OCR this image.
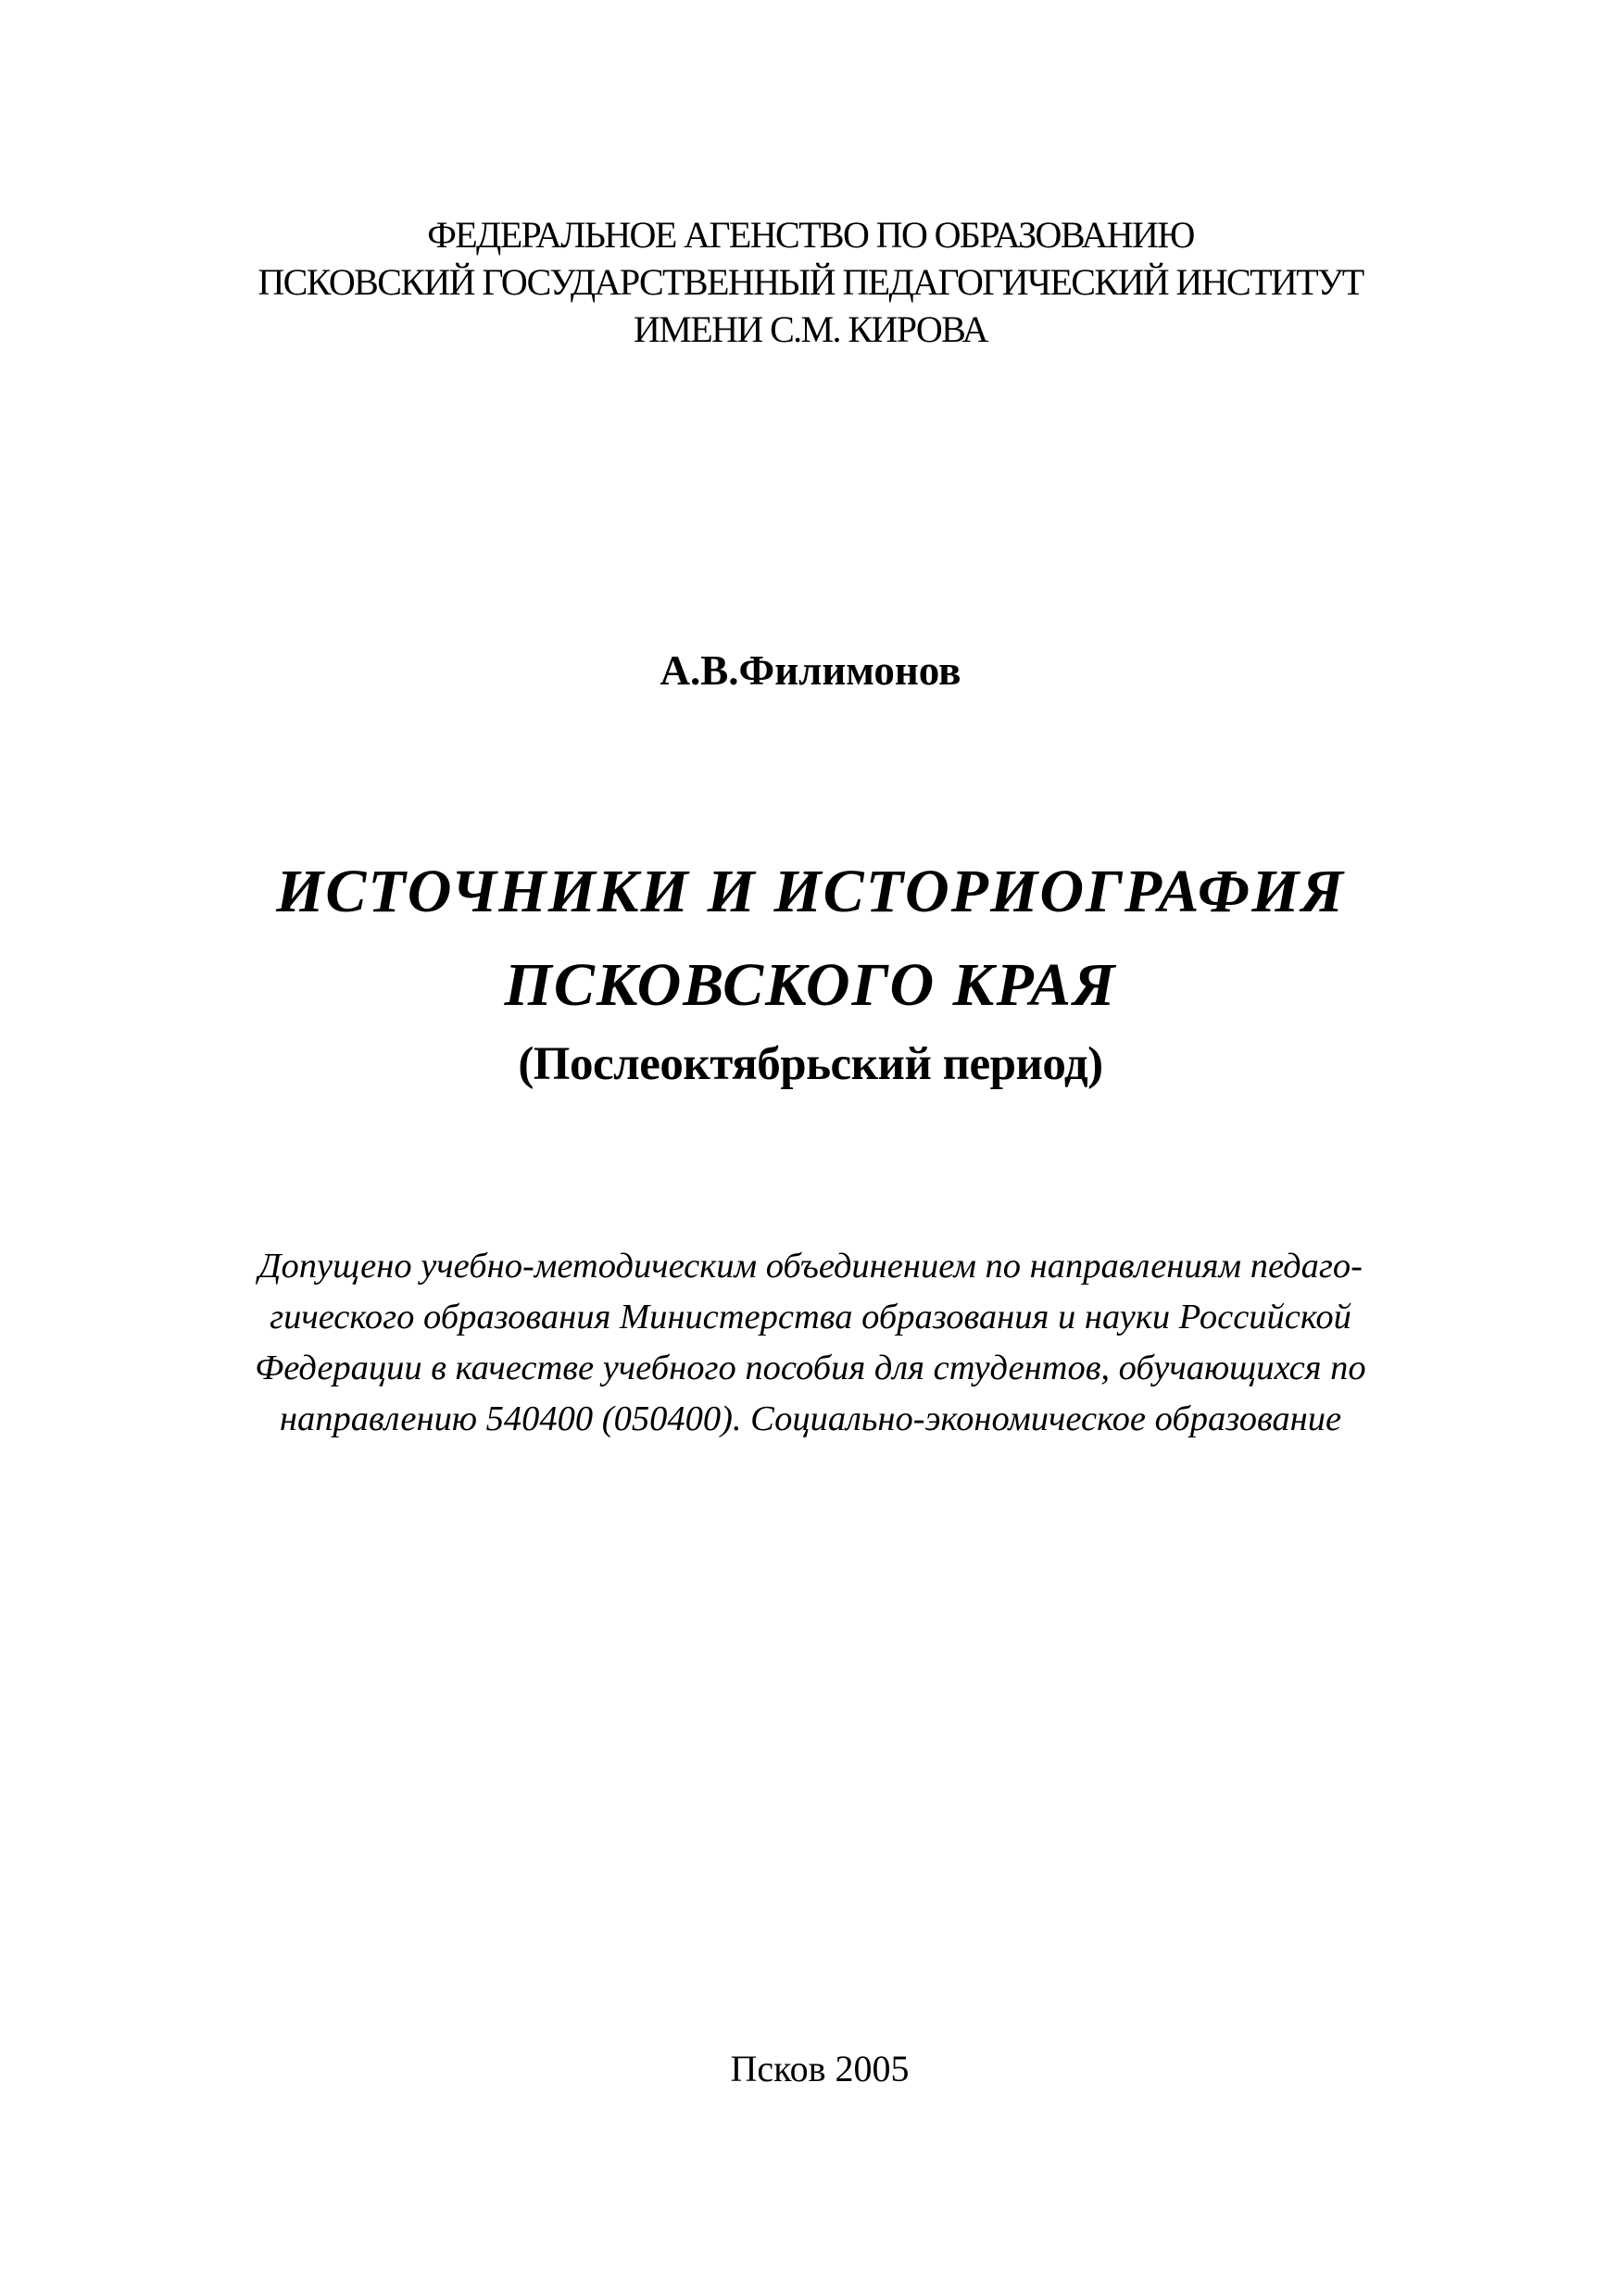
ФЕДЕРАЛЬНОЕ АГЕНСТВО ПО ОБРАЗОВАНИЮ
ПСКОВСКИЙ ГОСУДАРСТВЕННЫЙ ПЕДАГОГИЧЕСКИЙ ИНСТИТУТ
ИМЕНИ С.М. КИРОВА
А.В.Филимонов
ИСТОЧНИКИ И ИСТОРИОГРАФИЯ
ПСКОВСКОГО КРАЯ
(Послеоктябрьский период)
Допущено учебно-методическим объединением по направлениям педаго-
гического образования Министерства образования и науки Российской
Федерации в качестве учебного пособия для студентов, обучающихся по
направлению 540400 (050400). Социально-экономическое образование
Псков 2005
